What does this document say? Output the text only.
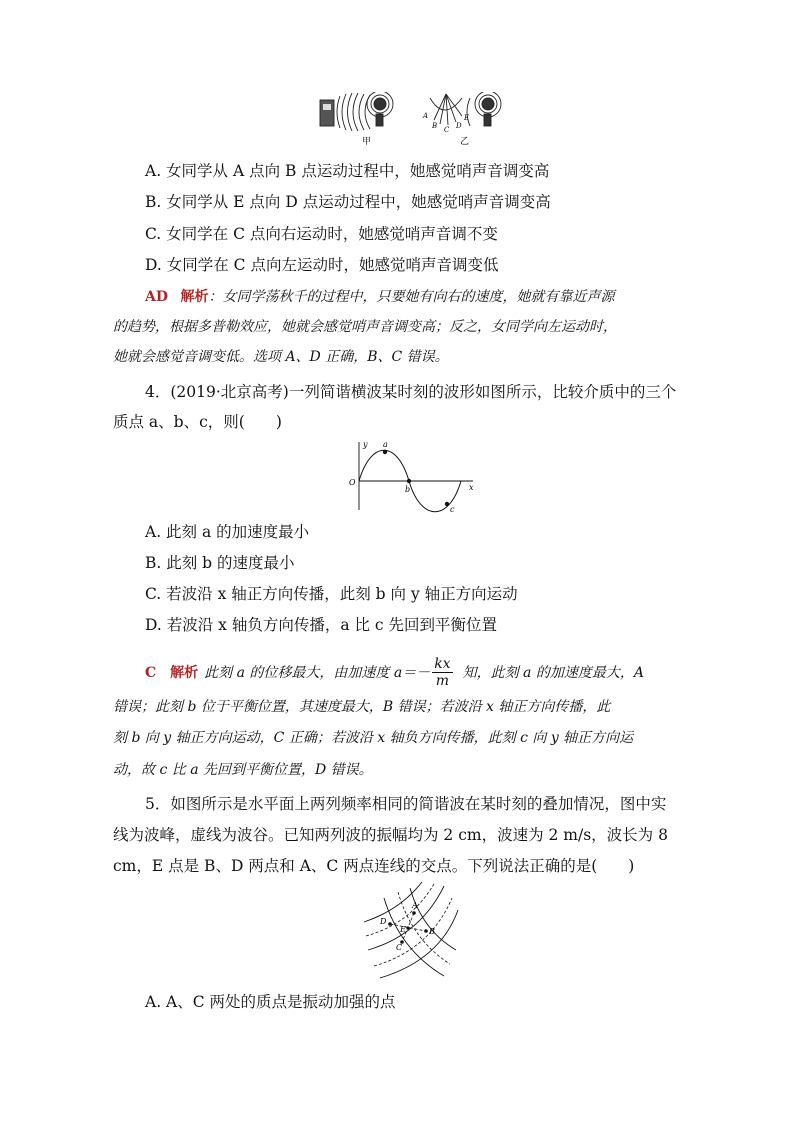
甲
A
B C D
E
乙
A. 女同学从 A 点向 B 点运动过程中，她感觉哨声音调变高
B. 女同学从 E 点向 D 点运动过程中，她感觉哨声音调变高
C. 女同学在 C 点向右运动时，她感觉哨声音调不变
D. 女同学在 C 点向左运动时，她感觉哨声音调变低
AD 解析：女同学荡秋千的过程中，只要她有向右的速度，她就有靠近声源
的趋势，根据多普勒效应，她就会感觉哨声音调变高；反之，女同学向左运动时，
她就会感觉音调变低。选项 A、D 正确，B、C 错误。
4．(2019·北京高考)一列简谐横波某时刻的波形如图所示，比较介质中的三个
质点 a、b、c，则(　　)
y
x
O
a
b
c
A. 此刻 a 的加速度最小
B. 此刻 b 的速度最小
C. 若波沿 x 轴正方向传播，此刻 b 向 y 轴正方向运动
D. 若波沿 x 轴负方向传播，a 比 c 先回到平衡位置
C 解析 此刻 a 的位移最大，由加速度 $a=- \frac{kx}{m}$ 知，此刻 a 的加速度最大，A
错误；此刻 b 位于平衡位置，其速度最大，B 错误；若波沿 x 轴正方向传播，此
刻 b 向 y 轴正方向运动，C 正确；若波沿 x 轴负方向传播，此刻 c 向 y 轴正方向运
动，故 c 比 a 先回到平衡位置，D 错误。
5．如图所示是水平面上两列频率相同的简谐波在某时刻的叠加情况，图中实
线为波峰，虚线为波谷。已知两列波的振幅均为 2 cm，波速为 2 m/s，波长为 8
cm，E 点是 B、D 两点和 A、C 两点连线的交点。下列说法正确的是(　　)
A
B
C
D
E
A. A、C 两处的质点是振动加强的点
